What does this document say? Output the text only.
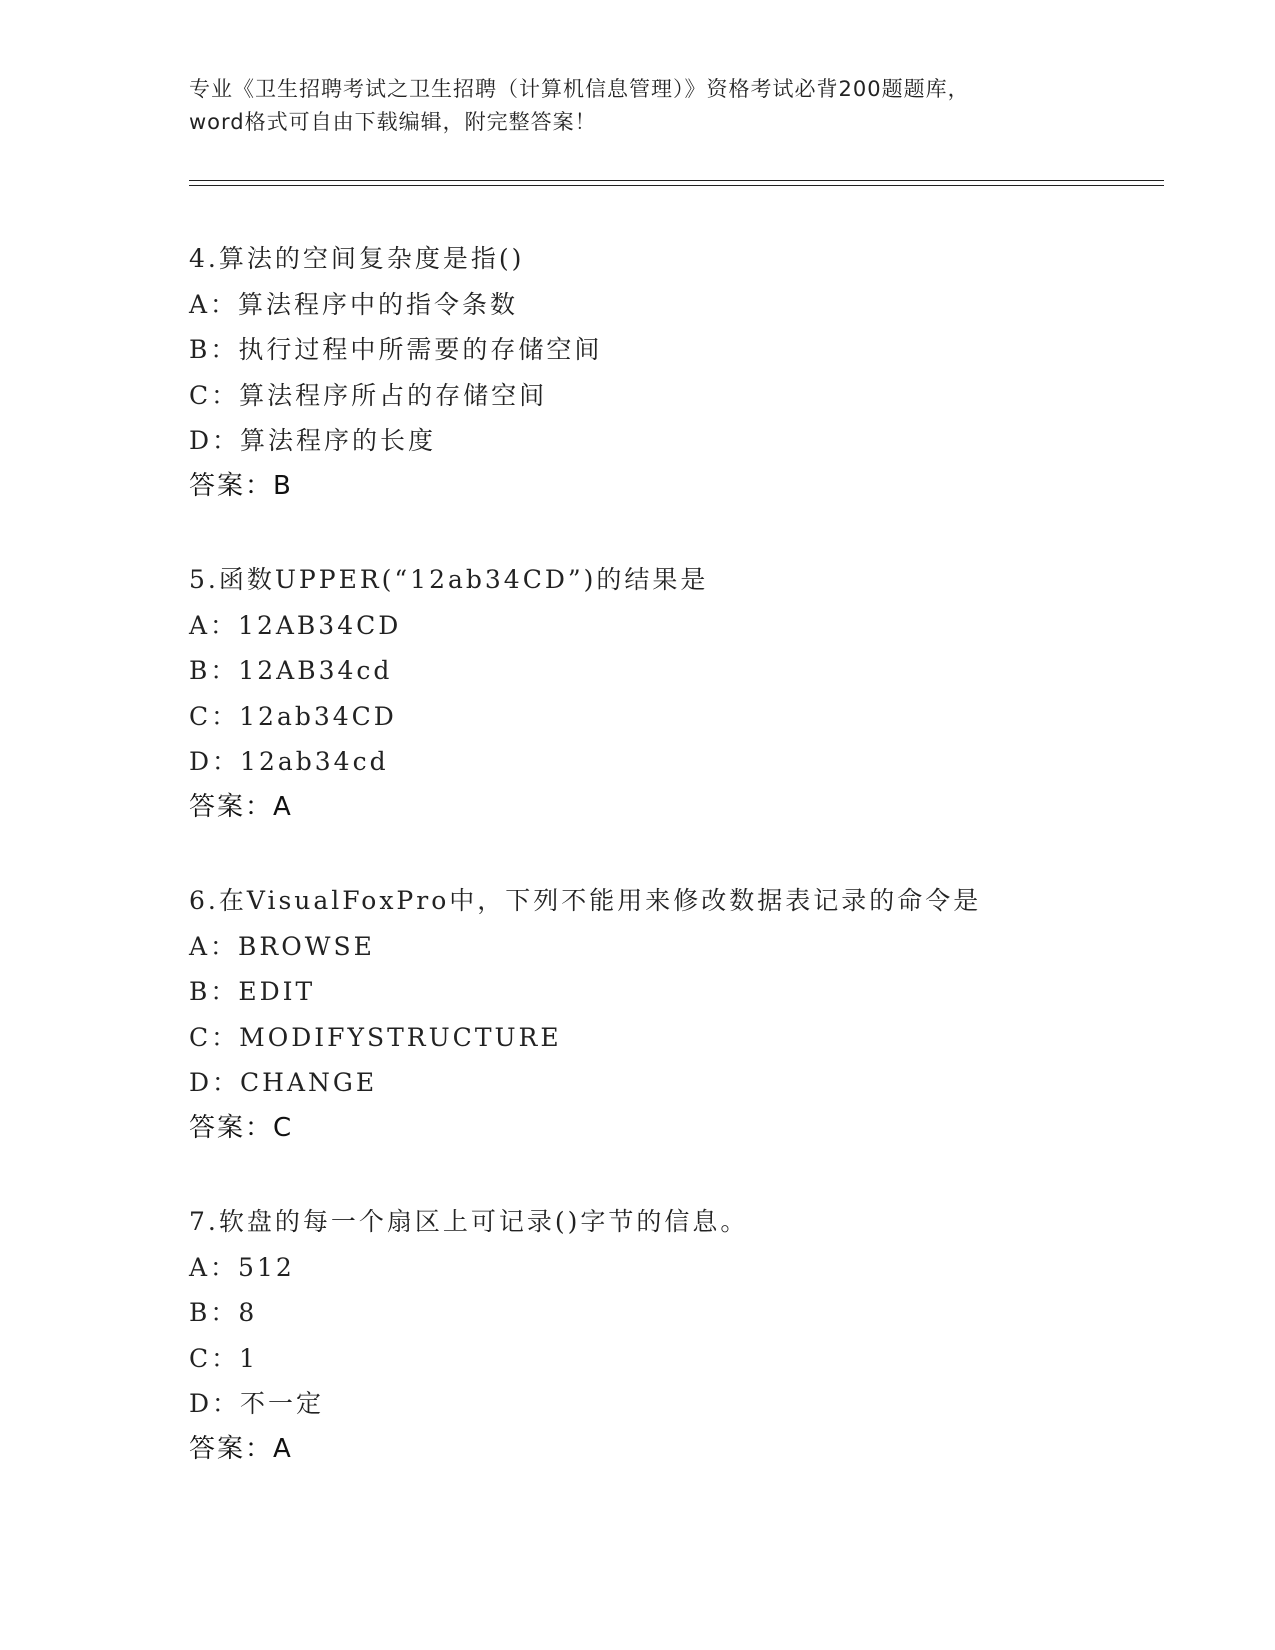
专业《卫生招聘考试之卫生招聘（计算机信息管理）》资格考试必背200题题库，
word格式可自由下载编辑，附完整答案！
4.算法的空间复杂度是指()
A：算法程序中的指令条数
B：执行过程中所需要的存储空间
C：算法程序所占的存储空间
D：算法程序的长度
答案：B
5.函数UPPER(“12ab34CD”)的结果是
A：12AB34CD
B：12AB34cd
C：12ab34CD
D：12ab34cd
答案：A
6.在VisualFoxPro中，下列不能用来修改数据表记录的命令是
A：BROWSE
B：EDIT
C：MODIFYSTRUCTURE
D：CHANGE
答案：C
7.软盘的每一个扇区上可记录()字节的信息。
A：512
B：8
C：1
D：不一定
答案：A
